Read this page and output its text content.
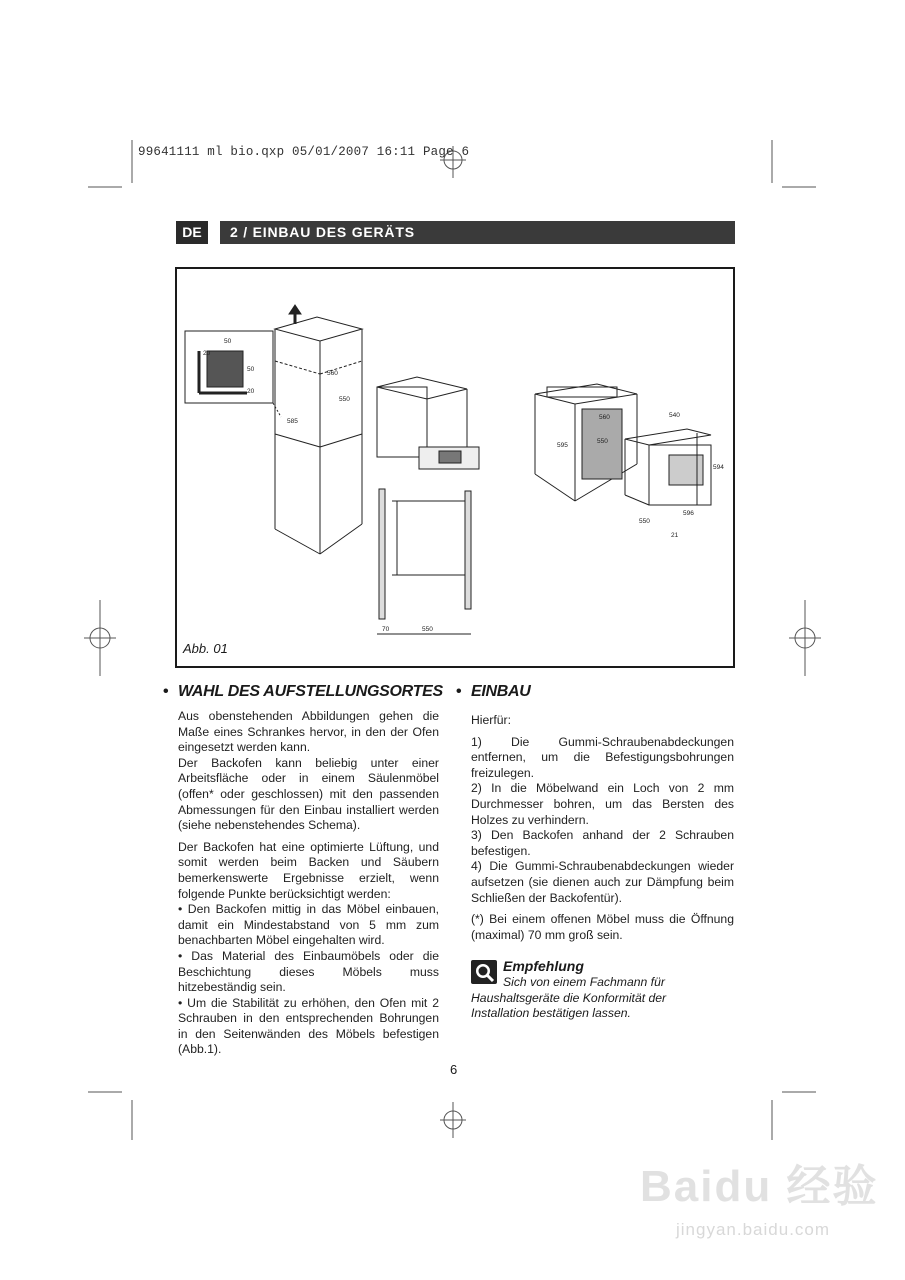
99641111 ml bio.qxp 05/01/2007 16:11 Page 6
DE	2 / EINBAU DES GERÄTS
50
20
50
20
560
550
585
70	550
560
595
550
540
594
550
596
21
Abb. 01
• WAHL DES AUFSTELLUNGSORTES

Aus obenstehenden Abbildungen gehen die Maße eines Schrankes hervor, in den der Ofen eingesetzt werden kann.

Der Backofen kann beliebig unter einer Arbeitsfläche oder in einem Säulenmöbel (offen* oder geschlossen) mit den passenden Abmessungen für den Einbau installiert werden (siehe nebenstehendes Schema).

Der Backofen hat eine optimierte Lüftung, und somit werden beim Backen und Säubern bemerkenswerte Ergebnisse erzielt, wenn folgende Punkte berücksichtigt werden:

• Den Backofen mittig in das Möbel einbauen, damit ein Mindestabstand von 5 mm zum benachbarten Möbel eingehalten wird.

• Das Material des Einbaumöbels oder die Beschichtung dieses Möbels muss hitzebeständig sein.

• Um die Stabilität zu erhöhen, den Ofen mit 2 Schrauben in den entsprechenden Bohrungen in den Seitenwänden des Möbels befestigen (Abb.1).

• EINBAU

Hierfür:

1) Die Gummi-Schraubenabdeckungen entfernen, um die Befestigungsbohrungen freizulegen.

2) In die Möbelwand ein Loch von 2 mm Durchmesser bohren, um das Bersten des Holzes zu verhindern.

3) Den Backofen anhand der 2 Schrauben befestigen.

4) Die Gummi-Schraubenabdeckungen wieder aufsetzen (sie dienen auch zur Dämpfung beim Schließen der Backofentür).

(*) Bei einem offenen Möbel muss die Öffnung (maximal) 70 mm groß sein.

Empfehlung
Sich von einem Fachmann für Haushaltsgeräte die Konformität der Installation bestätigen lassen.
6
Baidu 经验
jingyan.baidu.com
